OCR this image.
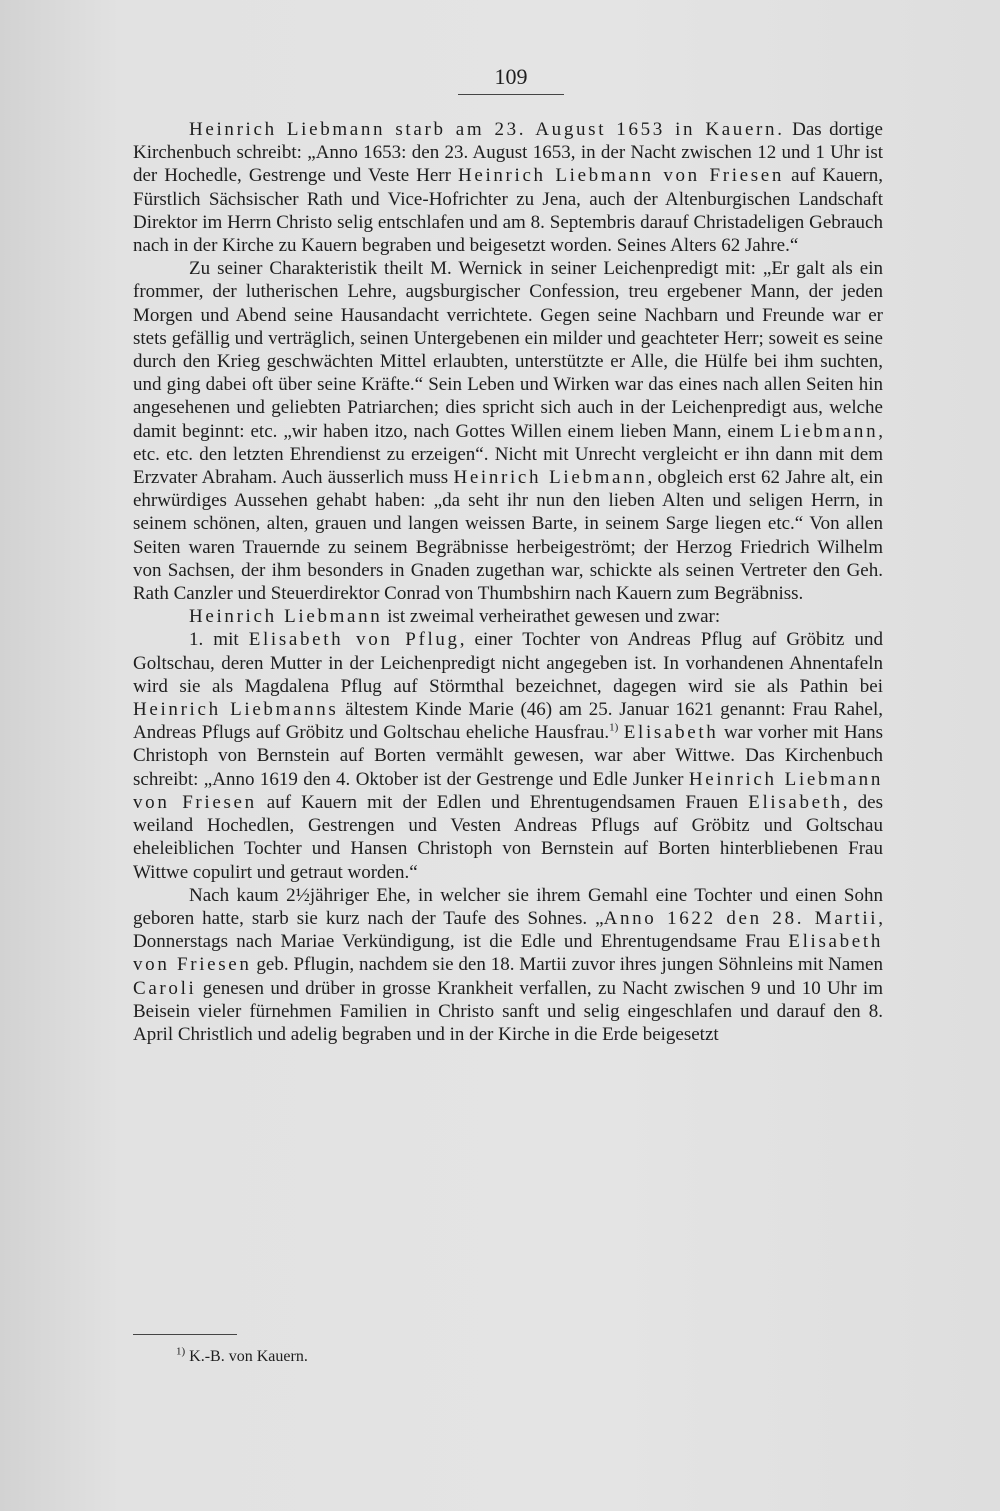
109

Heinrich Liebmann starb am 23. August 1653 in Kauern. Das dortige Kirchenbuch schreibt: „Anno 1653: den 23. August 1653, in der Nacht zwischen 12 und 1 Uhr ist der Hochedle, Gestrenge und Veste Herr Heinrich Liebmann von Friesen auf Kauern, Fürstlich Sächsischer Rath und Vice-Hofrichter zu Jena, auch der Altenburgischen Landschaft Direktor im Herrn Christo selig entschlafen und am 8. Septembris darauf Christadeligen Gebrauch nach in der Kirche zu Kauern begraben und beigesetzt worden. Seines Alters 62 Jahre.“

Zu seiner Charakteristik theilt M. Wernick in seiner Leichenpredigt mit: „Er galt als ein frommer, der lutherischen Lehre, augsburgischer Confession, treu ergebener Mann, der jeden Morgen und Abend seine Hausandacht verrichtete. Gegen seine Nachbarn und Freunde war er stets gefällig und verträglich, seinen Untergebenen ein milder und geachteter Herr; soweit es seine durch den Krieg geschwächten Mittel erlaubten, unterstützte er Alle, die Hülfe bei ihm suchten, und ging dabei oft über seine Kräfte.“ Sein Leben und Wirken war das eines nach allen Seiten hin angesehenen und geliebten Patriarchen; dies spricht sich auch in der Leichenpredigt aus, welche damit beginnt: etc. „wir haben itzo, nach Gottes Willen einem lieben Mann, einem Liebmann, etc. etc. den letzten Ehrendienst zu erzeigen“. Nicht mit Unrecht vergleicht er ihn dann mit dem Erzvater Abraham. Auch äusserlich muss Heinrich Liebmann, obgleich erst 62 Jahre alt, ein ehrwürdiges Aussehen gehabt haben: „da seht ihr nun den lieben Alten und seligen Herrn, in seinem schönen, alten, grauen und langen weissen Barte, in seinem Sarge liegen etc.“ Von allen Seiten waren Trauernde zu seinem Begräbnisse herbeigeströmt; der Herzog Friedrich Wilhelm von Sachsen, der ihm besonders in Gnaden zugethan war, schickte als seinen Vertreter den Geh. Rath Canzler und Steuerdirektor Conrad von Thumbshirn nach Kauern zum Begräbniss.

Heinrich Liebmann ist zweimal verheirathet gewesen und zwar:

1. mit Elisabeth von Pflug, einer Tochter von Andreas Pflug auf Gröbitz und Goltschau, deren Mutter in der Leichenpredigt nicht angegeben ist. In vorhandenen Ahnentafeln wird sie als Magdalena Pflug auf Störmthal bezeichnet, dagegen wird sie als Pathin bei Heinrich Liebmanns ältestem Kinde Marie (46) am 25. Januar 1621 genannt: Frau Rahel, Andreas Pflugs auf Gröbitz und Goltschau eheliche Hausfrau.$^{1)}$ Elisabeth war vorher mit Hans Christoph von Bernstein auf Borten vermählt gewesen, war aber Wittwe. Das Kirchenbuch schreibt: „Anno 1619 den 4. Oktober ist der Gestrenge und Edle Junker Heinrich Liebmann von Friesen auf Kauern mit der Edlen und Ehrentugendsamen Frauen Elisabeth, des weiland Hochedlen, Gestrengen und Vesten Andreas Pflugs auf Gröbitz und Goltschau eheleiblichen Tochter und Hansen Christoph von Bernstein auf Borten hinterbliebenen Frau Wittwe copulirt und getraut worden.“

Nach kaum 2½jähriger Ehe, in welcher sie ihrem Gemahl eine Tochter und einen Sohn geboren hatte, starb sie kurz nach der Taufe des Sohnes. „Anno 1622 den 28. Martii, Donnerstags nach Mariae Verkündigung, ist die Edle und Ehrentugendsame Frau Elisabeth von Friesen geb. Pflugin, nachdem sie den 18. Martii zuvor ihres jungen Söhnleins mit Namen Caroli genesen und drüber in grosse Krankheit verfallen, zu Nacht zwischen 9 und 10 Uhr im Beisein vieler fürnehmen Familien in Christo sanft und selig eingeschlafen und darauf den 8. April Christlich und adelig begraben und in der Kirche in die Erde beigesetzt

$^{1)}$ K.-B. von Kauern.
